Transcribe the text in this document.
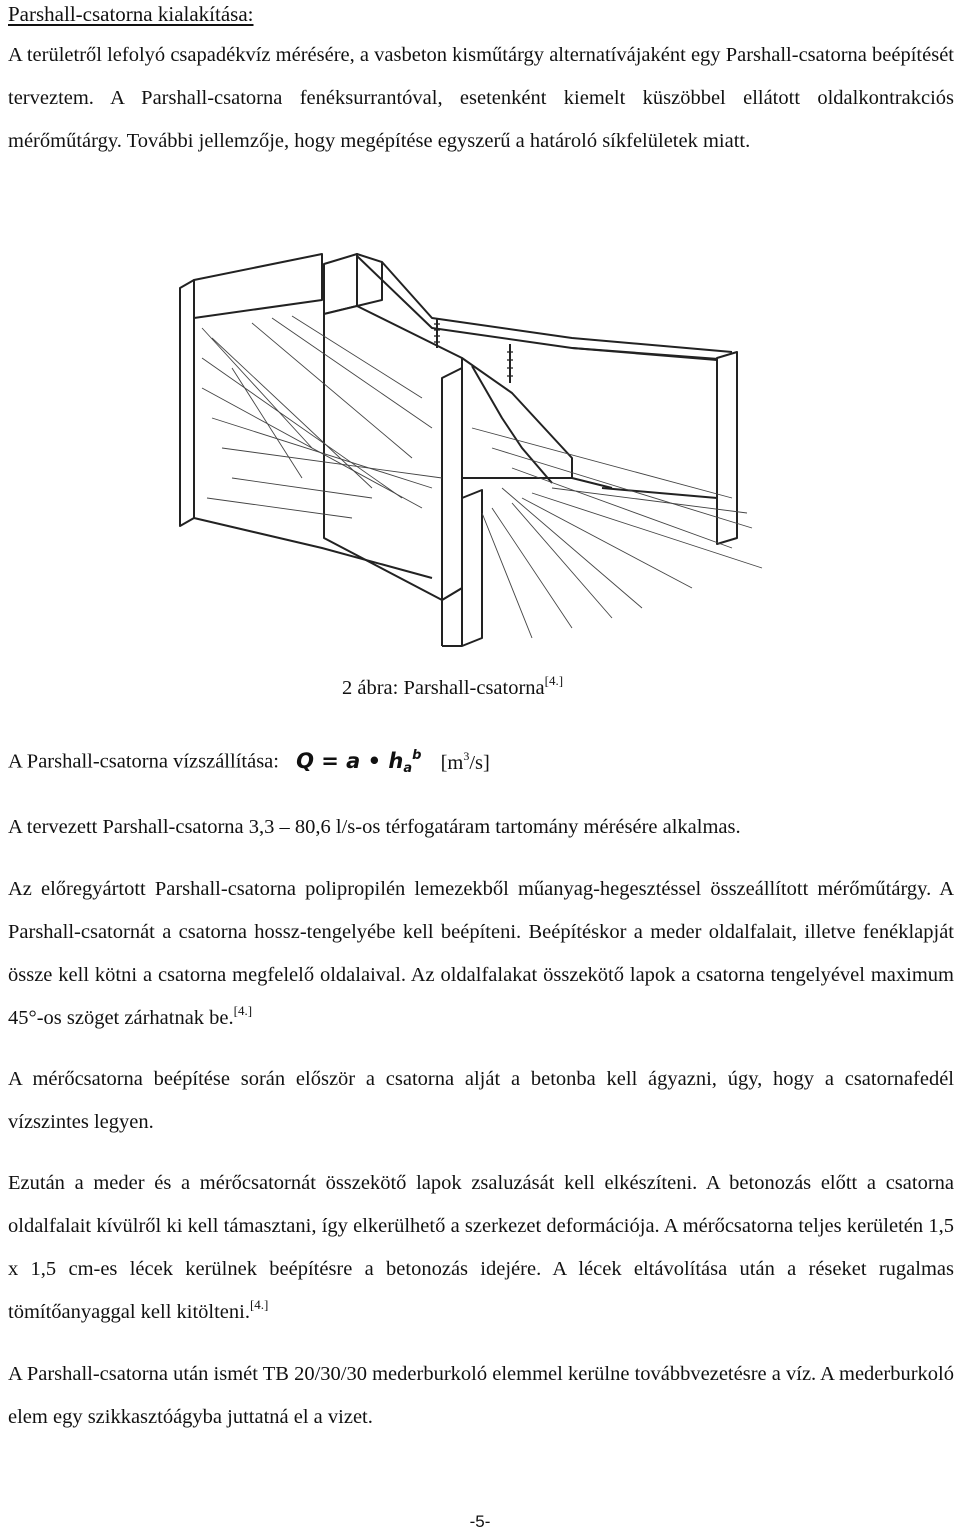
Parshall-csatorna kialakítása:
A területről lefolyó csapadékvíz mérésére, a vasbeton kisműtárgy alternatívájaként egy Parshall-csatorna beépítését terveztem. A Parshall-csatorna fenéksurrantóval, esetenként kiemelt küszöbbel ellátott oldalkontrakciós mérőműtárgy. További jellemzője, hogy megépítése egyszerű a határoló síkfelületek miatt.
2 ábra: Parshall-csatorna[4.]
A Parshall-csatorna vízszállítása: Q = a • $h_a^b$ $[m^3/s]$
A tervezett Parshall-csatorna 3,3 – 80,6 l/s-os térfogatáram tartomány mérésére alkalmas.
Az előregyártott Parshall-csatorna polipropilén lemezekből műanyag-hegesztéssel összeállított mérőműtárgy. A Parshall-csatornát a csatorna hossz-tengelyébe kell beépíteni. Beépítéskor a meder oldalfalait, illetve fenéklapját össze kell kötni a csatorna megfelelő oldalaival. Az oldalfalakat összekötő lapok a csatorna tengelyével maximum 45°-os szöget zárhatnak be.[4.]
A mérőcsatorna beépítése során először a csatorna alját a betonba kell ágyazni, úgy, hogy a csatornafedél vízszintes legyen.
Ezután a meder és a mérőcsatornát összekötő lapok zsaluzását kell elkészíteni. A betonozás előtt a csatorna oldalfalait kívülről ki kell támasztani, így elkerülhető a szerkezet deformációja. A mérőcsatorna teljes kerületén 1,5 x 1,5 cm-es lécek kerülnek beépítésre a betonozás idejére. A lécek eltávolítása után a réseket rugalmas tömítőanyaggal kell kitölteni.[4.]
A Parshall-csatorna után ismét TB 20/30/30 mederburkoló elemmel kerülne továbbvezetésre a víz. A mederburkoló elem egy szikkasztóágyba juttatná el a vizet.
-5-
